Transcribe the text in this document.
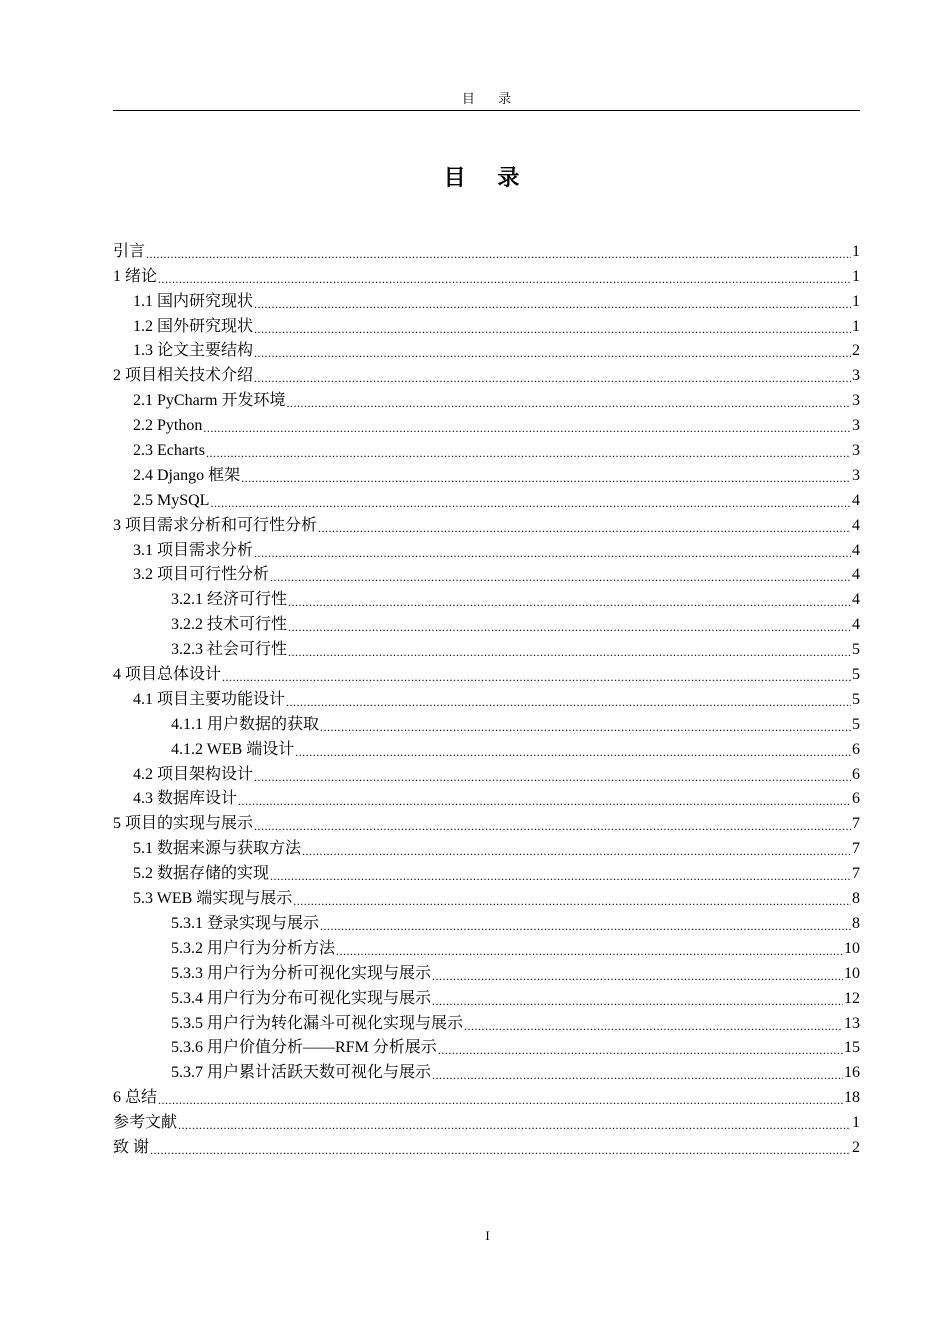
目 录
目 录
引言 .....	1
1 绪论 .....	1
1.1 国内研究现状 .....	1
1.2 国外研究现状 .....	1
1.3 论文主要结构 .....	2
2 项目相关技术介绍 .....	3
2.1 PyCharm 开发环境 .....	3
2.2 Python .....	3
2.3 Echarts .....	3
2.4 Django 框架 .....	3
2.5 MySQL .....	4
3 项目需求分析和可行性分析 .....	4
3.1 项目需求分析 .....	4
3.2 项目可行性分析 .....	4
3.2.1 经济可行性 .....	4
3.2.2 技术可行性 .....	4
3.2.3 社会可行性 .....	5
4 项目总体设计 .....	5
4.1 项目主要功能设计 .....	5
4.1.1 用户数据的获取 .....	5
4.1.2 WEB 端设计 .....	6
4.2 项目架构设计 .....	6
4.3 数据库设计 .....	6
5 项目的实现与展示 .....	7
5.1 数据来源与获取方法 .....	7
5.2 数据存储的实现 .....	7
5.3 WEB 端实现与展示 .....	8
5.3.1 登录实现与展示 .....	8
5.3.2 用户行为分析方法 .....	10
5.3.3 用户行为分析可视化实现与展示 .....	10
5.3.4 用户行为分布可视化实现与展示 .....	12
5.3.5 用户行为转化漏斗可视化实现与展示 .....	13
5.3.6 用户价值分析——RFM 分析展示 .....	15
5.3.7 用户累计活跃天数可视化与展示 .....	16
6 总结 .....	18
参考文献 .....	1
致 谢 .....	2
I
